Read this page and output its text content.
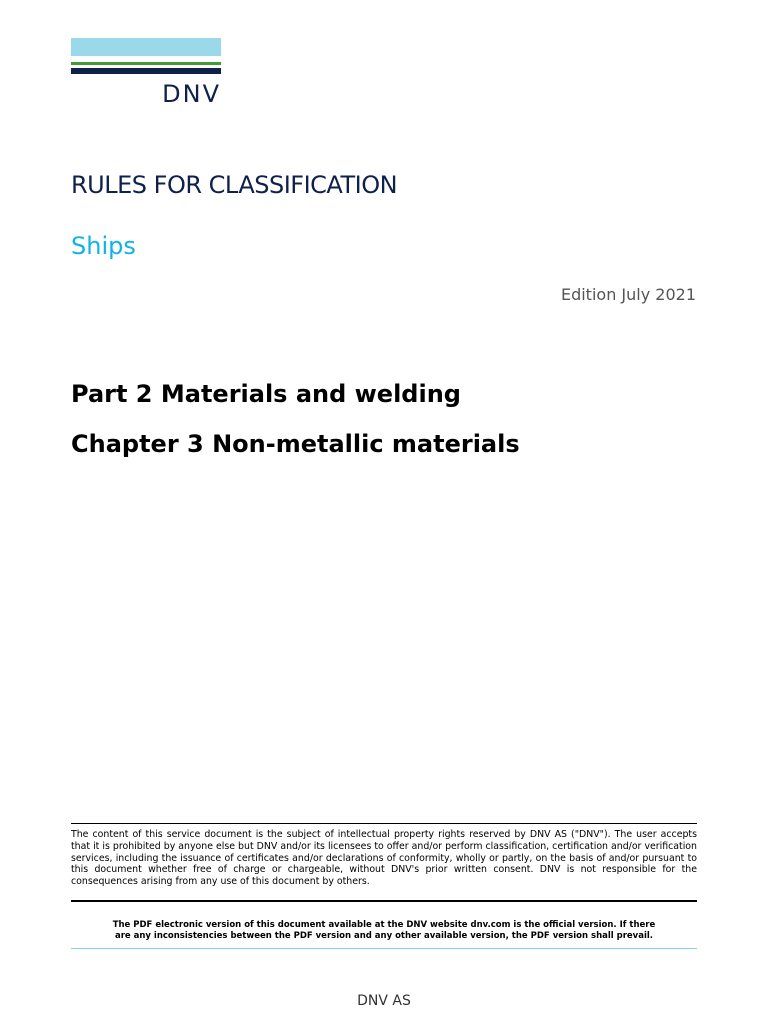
DNV
RULES FOR CLASSIFICATION
Ships
Edition July 2021
Part 2 Materials and welding
Chapter 3 Non-metallic materials
The content of this service document is the subject of intellectual property rights reserved by DNV AS ("DNV"). The user accepts that it is prohibited by anyone else but DNV and/or its licensees to offer and/or perform classification, certification and/or verification services, including the issuance of certificates and/or declarations of conformity, wholly or partly, on the basis of and/or pursuant to this document whether free of charge or chargeable, without DNV's prior written consent. DNV is not responsible for the consequences arising from any use of this document by others.
The PDF electronic version of this document available at the DNV website dnv.com is the official version. If there
are any inconsistencies between the PDF version and any other available version, the PDF version shall prevail.
DNV AS
